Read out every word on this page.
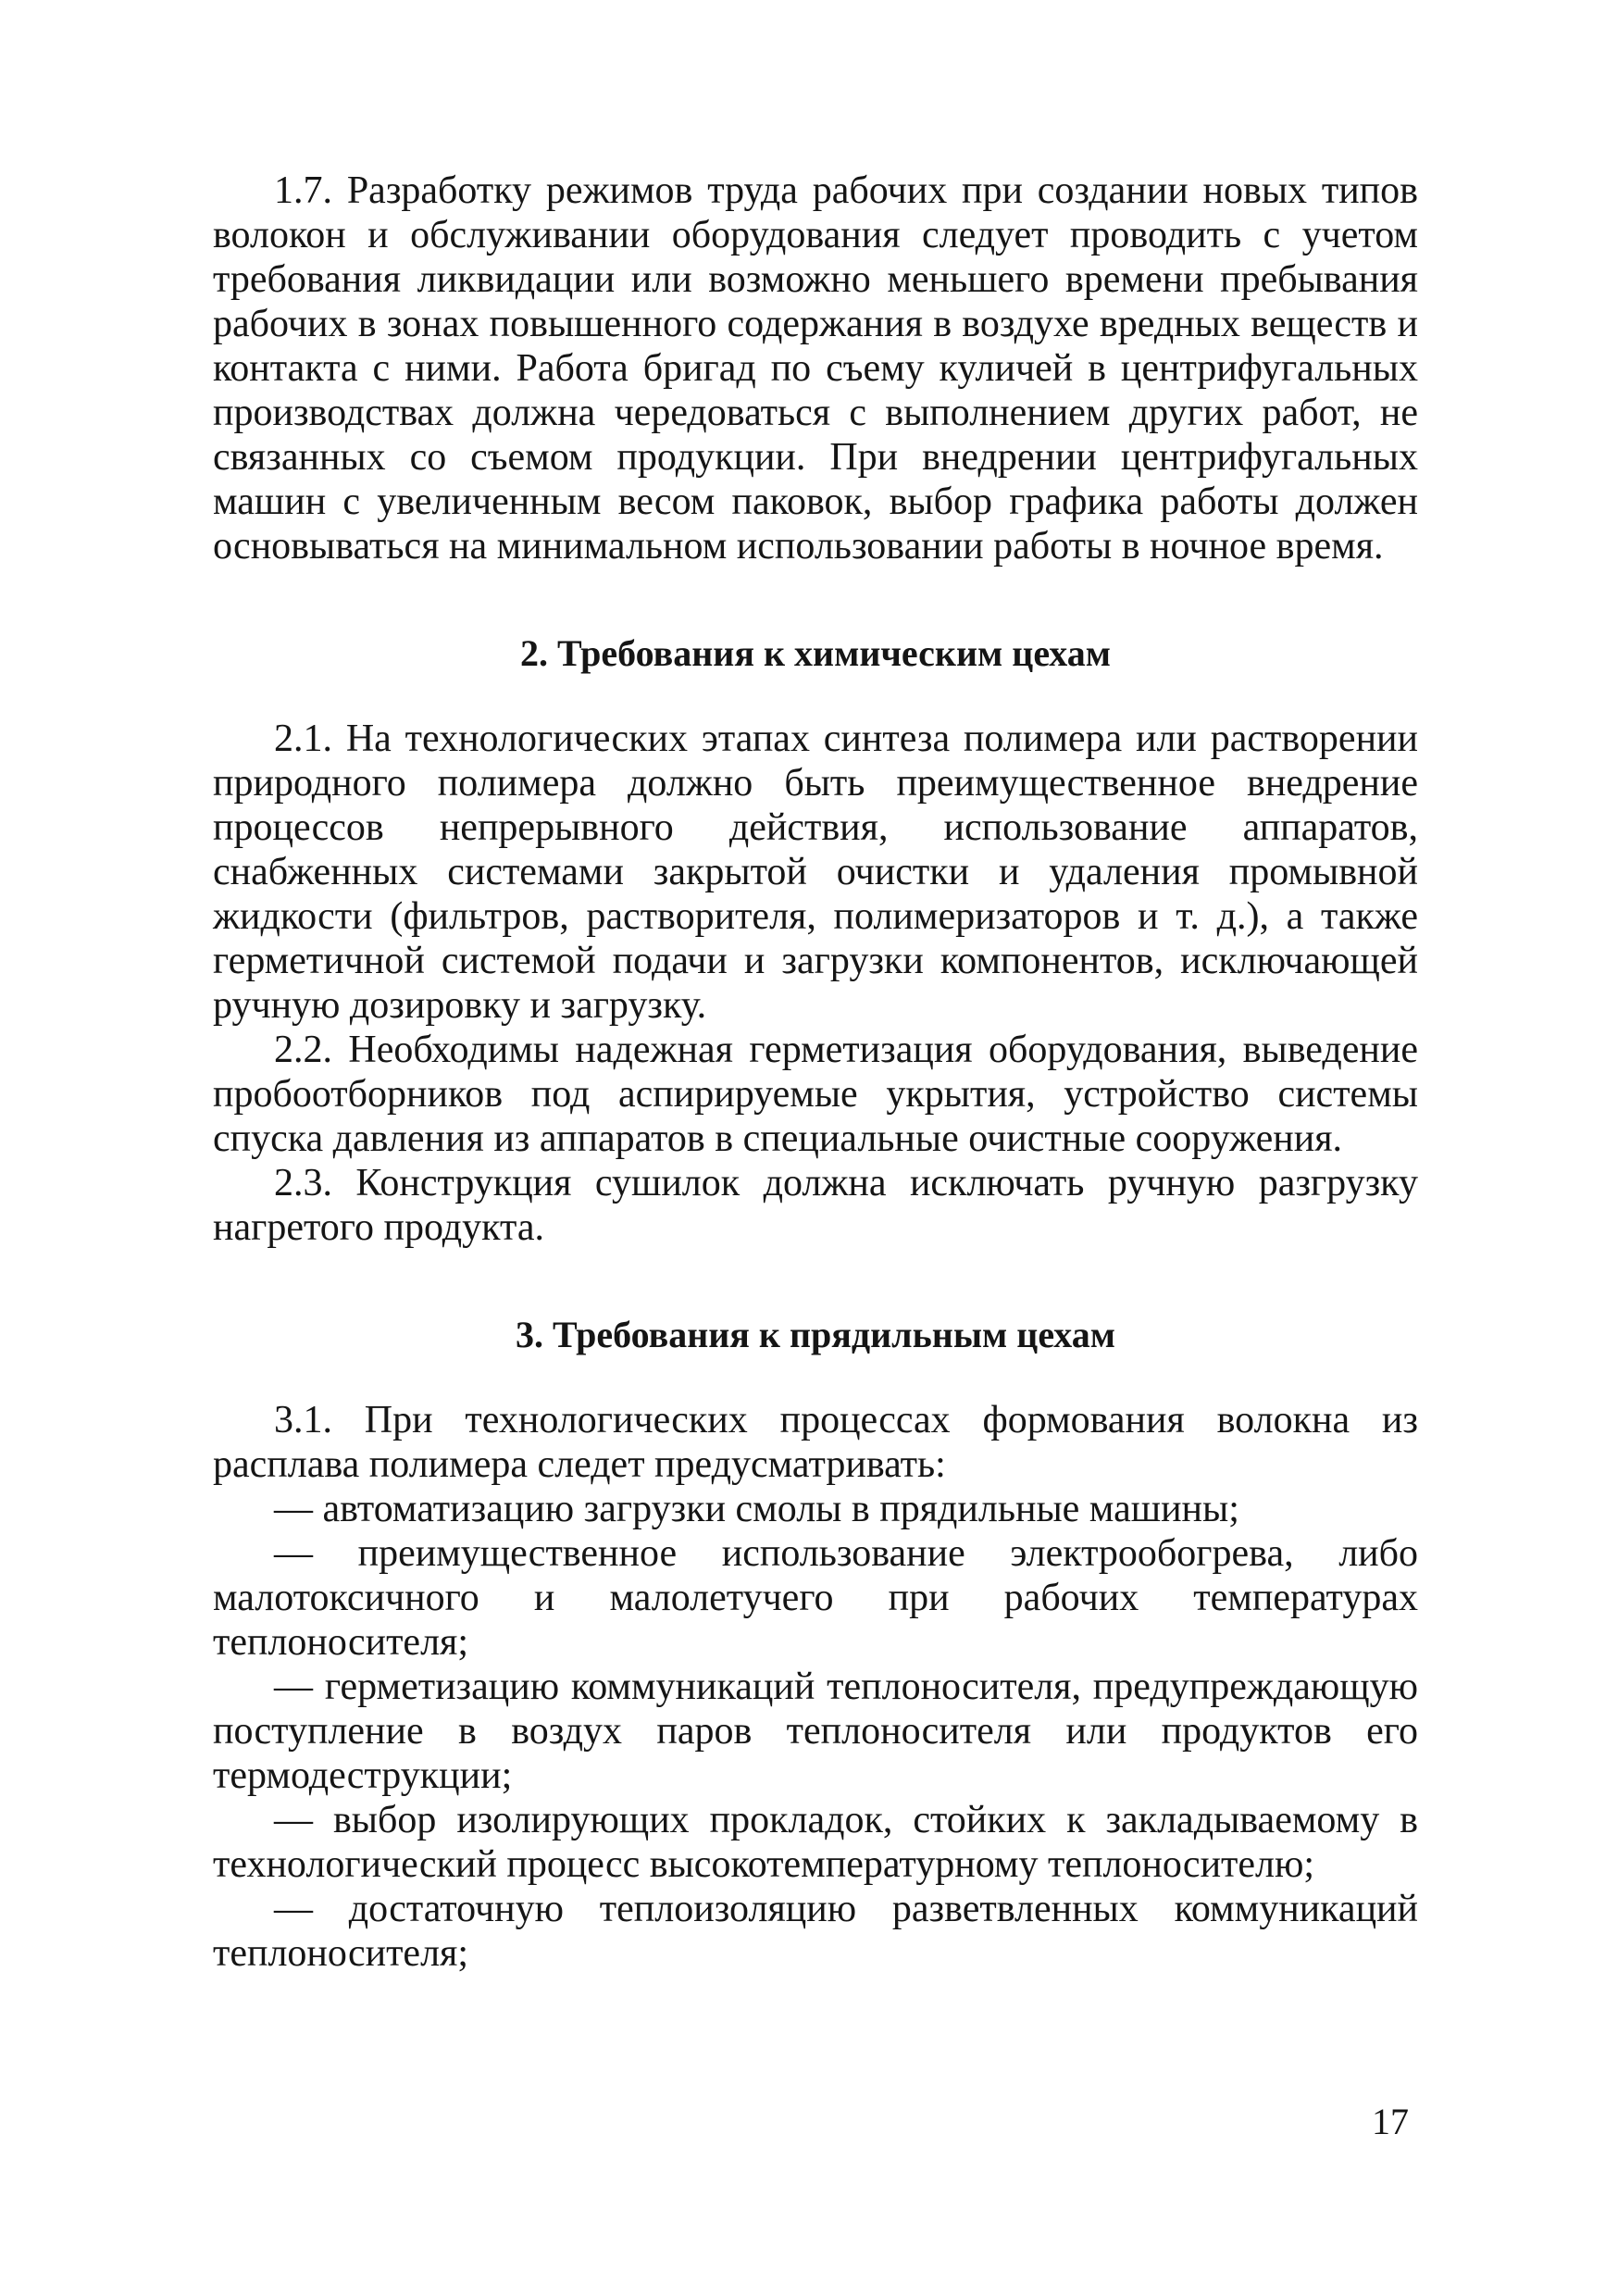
1.7. Разработку режимов труда рабочих при создании новых типов волокон и обслуживании оборудования следует проводить с учетом требования ликвидации или возможно меньшего времени пребывания рабочих в зонах повышенного содержания в воздухе вредных веществ и контакта с ними. Работа бригад по съему куличей в центрифугальных производствах должна чередоваться с выполнением других работ, не связанных со съемом продукции. При внедрении центрифугальных машин с увеличенным весом паковок, выбор графика работы должен основываться на минимальном использовании работы в ночное время.

2. Требования к химическим цехам

2.1. На технологических этапах синтеза полимера или растворении природного полимера должно быть преимущественное внедрение процессов непрерывного действия, использование аппаратов, снабженных системами закрытой очистки и удаления промывной жидкости (фильтров, растворителя, полимеризаторов и т. д.), а также герметичной системой подачи и загрузки компонентов, исключающей ручную дозировку и загрузку.

2.2. Необходимы надежная герметизация оборудования, выведение пробоотборников под аспирируемые укрытия, устройство системы спуска давления из аппаратов в специальные очистные сооружения.

2.3. Конструкция сушилок должна исключать ручную разгрузку нагретого продукта.

3. Требования к прядильным цехам

3.1. При технологических процессах формования волокна из расплава полимера следет предусматривать:

— автоматизацию загрузки смолы в прядильные машины;

— преимущественное использование электрообогрева, либо малотоксичного и малолетучего при рабочих температурах теплоносителя;

— герметизацию коммуникаций теплоносителя, предупреждающую поступление в воздух паров теплоносителя или продуктов его термодеструкции;

— выбор изолирующих прокладок, стойких к закладываемому в технологический процесс высокотемпературному теплоносителю;

— достаточную теплоизоляцию разветвленных коммуникаций теплоносителя;

17
